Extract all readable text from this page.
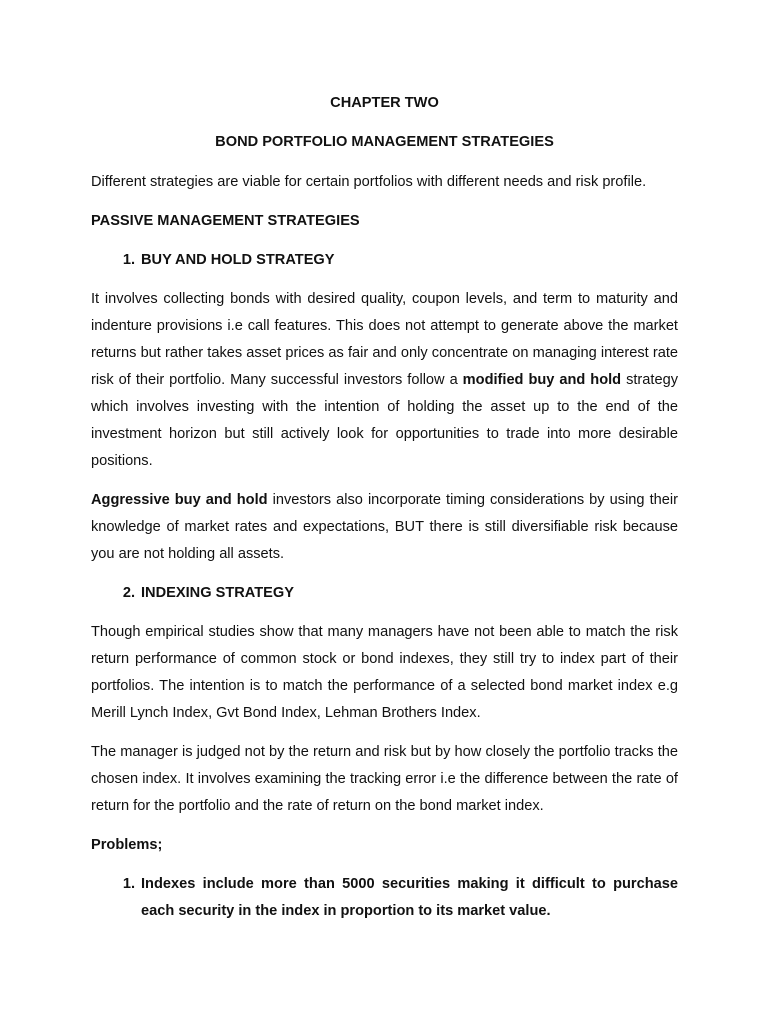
CHAPTER TWO

BOND PORTFOLIO MANAGEMENT STRATEGIES

Different strategies are viable for certain portfolios with different needs and risk profile.

PASSIVE MANAGEMENT STRATEGIES

1. BUY AND HOLD STRATEGY

It involves collecting bonds with desired quality, coupon levels, and term to maturity and indenture provisions i.e call features. This does not attempt to generate above the market returns but rather takes asset prices as fair and only concentrate on managing interest rate risk of their portfolio. Many successful investors follow a modified buy and hold strategy which involves investing with the intention of holding the asset up to the end of the investment horizon but still actively look for opportunities to trade into more desirable positions.

Aggressive buy and hold investors also incorporate timing considerations by using their knowledge of market rates and expectations, BUT there is still diversifiable risk because you are not holding all assets.

2. INDEXING STRATEGY

Though empirical studies show that many managers have not been able to match the risk return performance of common stock or bond indexes, they still try to index part of their portfolios. The intention is to match the performance of a selected bond market index e.g Merill Lynch Index, Gvt Bond Index, Lehman Brothers Index.

The manager is judged not by the return and risk but by how closely the portfolio tracks the chosen index. It involves examining the tracking error i.e the difference between the rate of return for the portfolio and the rate of return on the bond market index.

Problems;

1. Indexes include more than 5000 securities making it difficult to purchase each security in the index in proportion to its market value.
